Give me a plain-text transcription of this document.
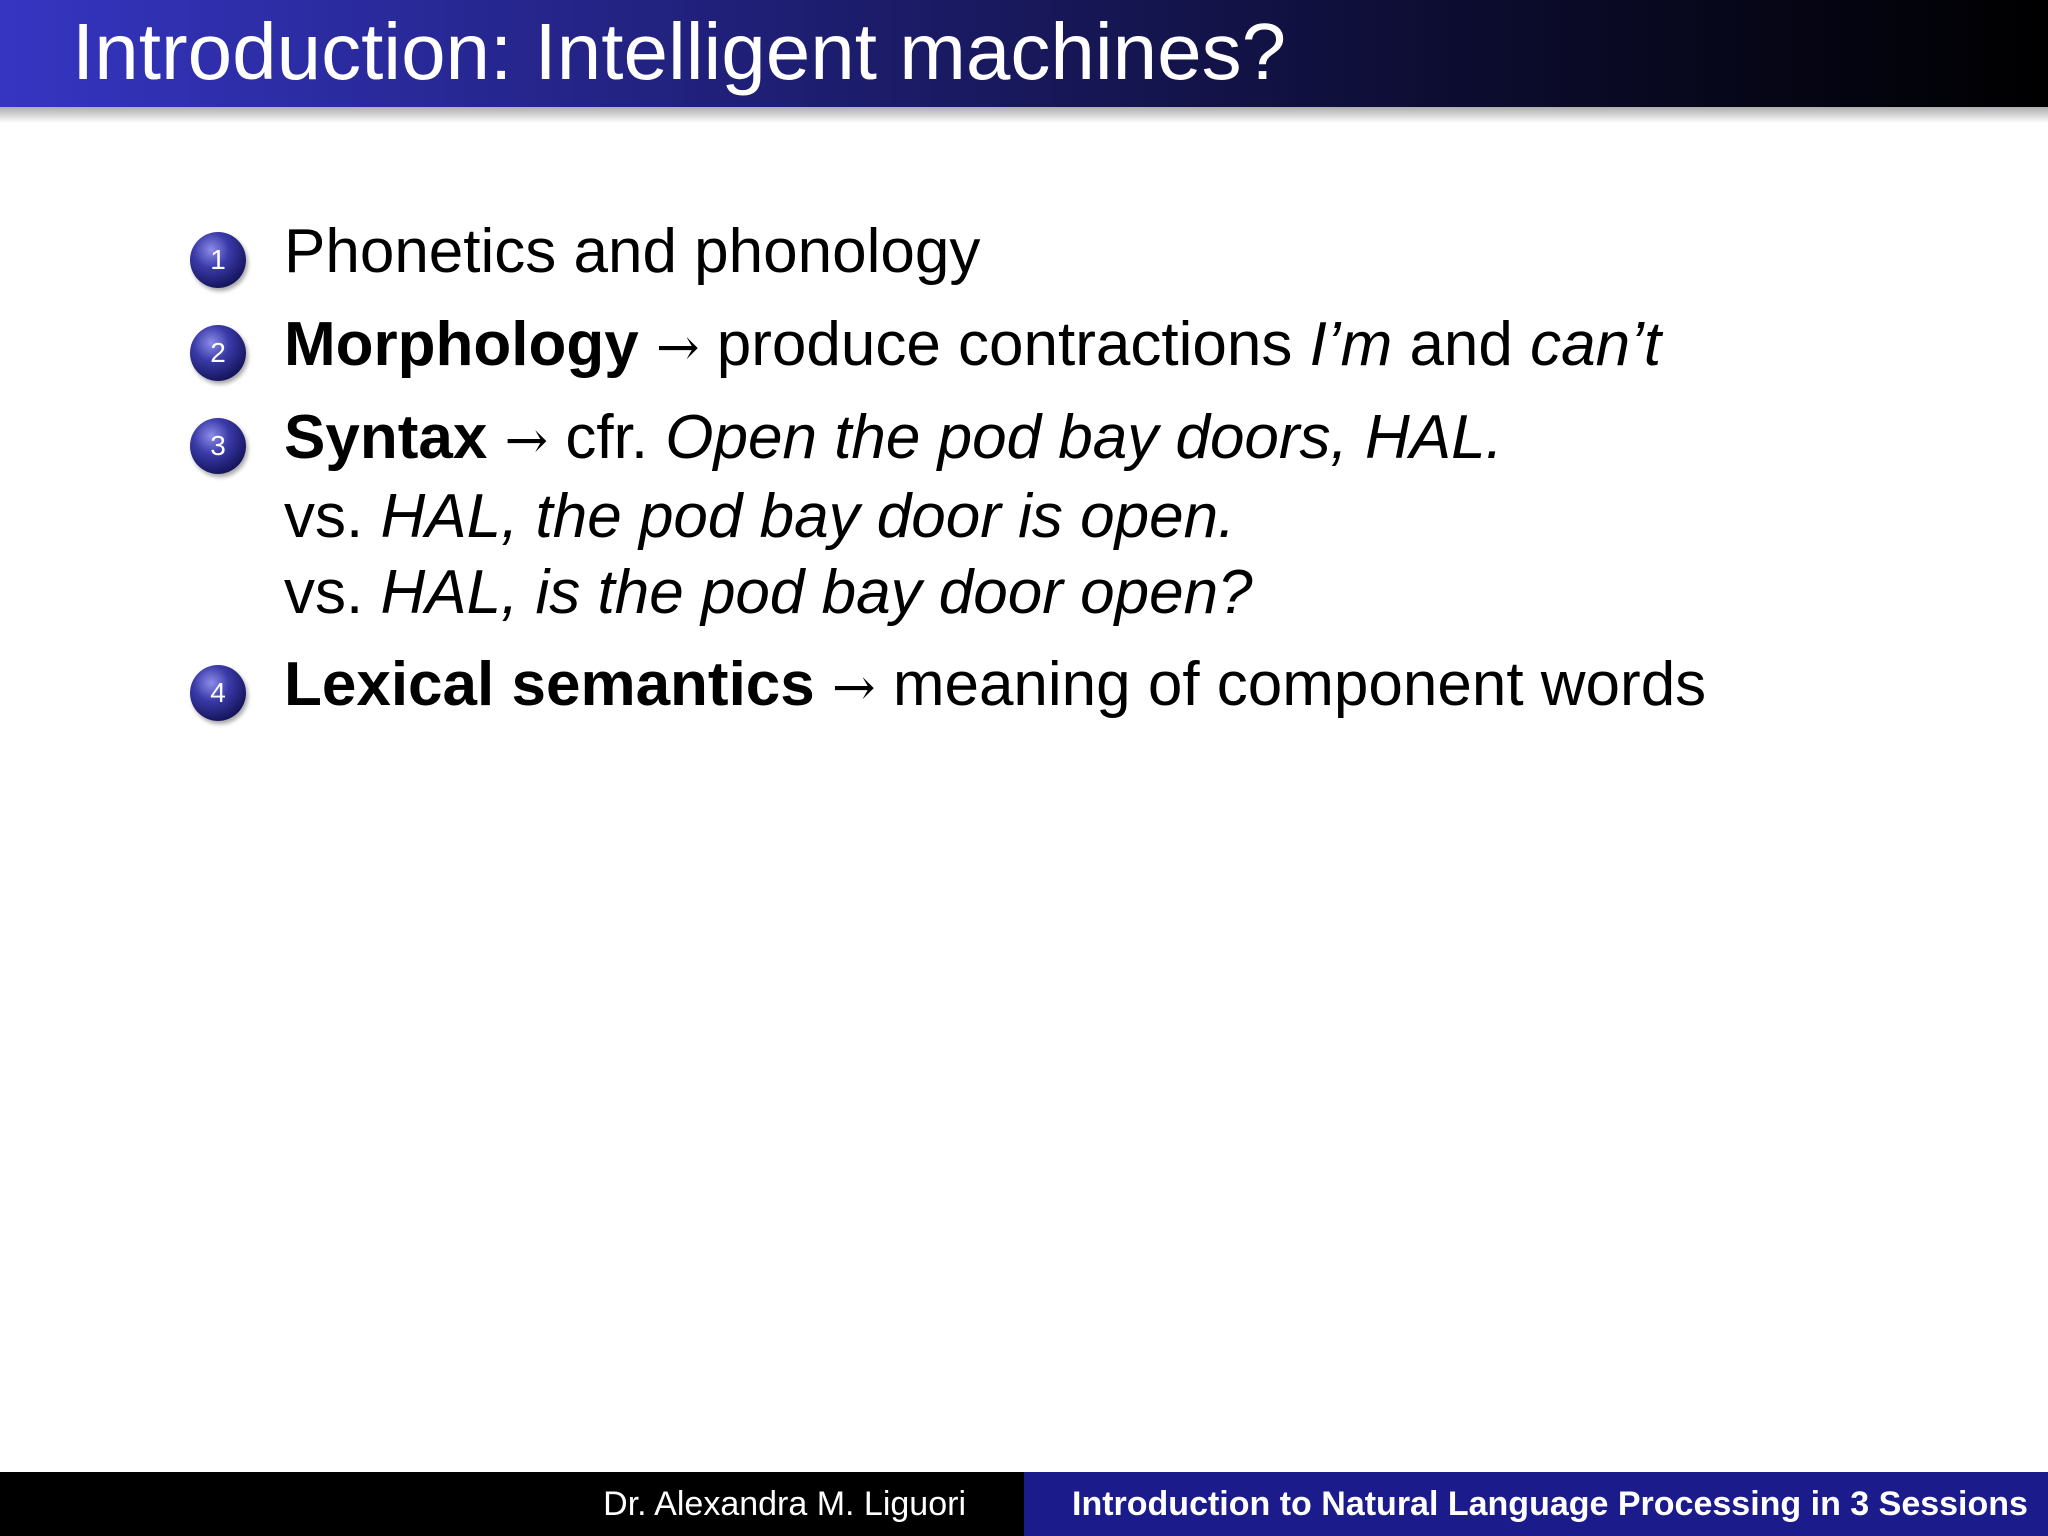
Introduction: Intelligent machines?
1 Phonetics and phonology
2 Morphology → produce contractions I’m and can’t
3 Syntax → cfr. Open the pod bay doors, HAL.
vs. HAL, the pod bay door is open.
vs. HAL, is the pod bay door open?
4 Lexical semantics → meaning of component words
Dr. Alexandra M. Liguori	Introduction to Natural Language Processing in 3 Sessions
